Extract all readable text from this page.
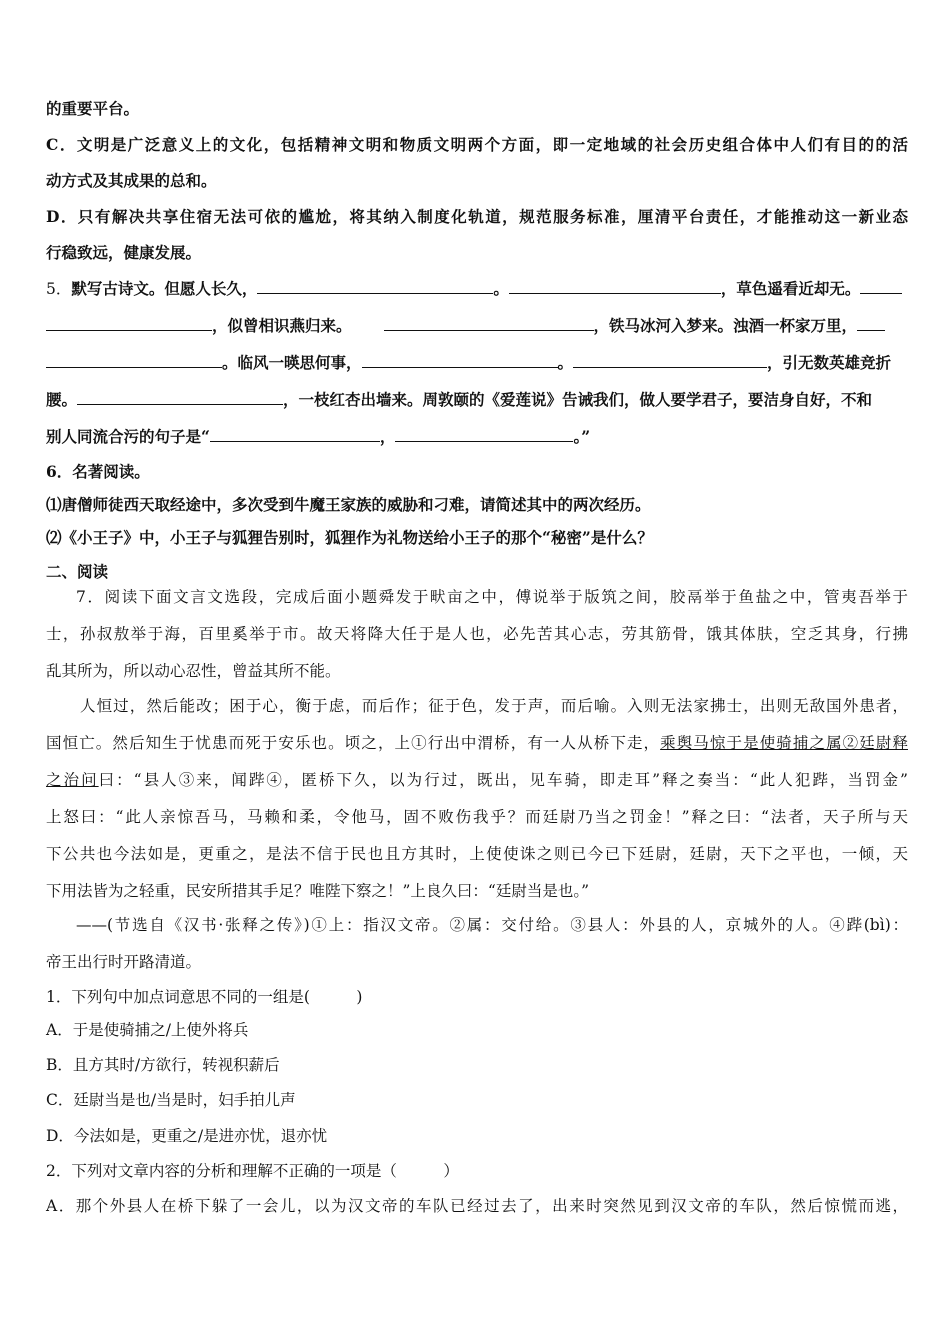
的重要平台。
C．文明是广泛意义上的文化，包括精神文明和物质文明两个方面，即一定地域的社会历史组合体中人们有目的的活
动方式及其成果的总和。
D．只有解决共享住宿无法可依的尴尬，将其纳入制度化轨道，规范服务标准，厘清平台责任，才能推动这一新业态
行稳致远，健康发展。
5．默写古诗文。但愿人长久，	。	，草色遥看近却无。
，似曾相识燕归来。	，铁马冰河入梦来。浊酒一杯家万里，
。临风一暎思何事，	。	，引无数英雄竞折
腰。	，一枝红杏出墙来。周敦颐的《爱莲说》告诫我们，做人要学君子，要洁身自好，不和
别人同流合污的句子是“	，	。”
6．名著阅读。
⑴唐僧师徒西天取经途中，多次受到牛魔王家族的威胁和刁难，请简述其中的两次经历。
⑵《小王子》中，小王子与狐狸告别时，狐狸作为礼物送给小王子的那个“秘密”是什么？
二、阅读
7．阅读下面文言文选段，完成后面小题舜发于畎亩之中，傅说举于版筑之间，胶鬲举于鱼盐之中，管夷吾举于
士，孙叔敖举于海，百里奚举于市。故天将降大任于是人也，必先苦其心志，劳其筋骨，饿其体肤，空乏其身，行拂
乱其所为，所以动心忍性，曾益其所不能。
人恒过，然后能改；困于心，衡于虑，而后作；征于色，发于声，而后喻。入则无法家拂士，出则无敌国外患者，
国恒亡。然后知生于忧患而死于安乐也。顷之，上①行出中渭桥，有一人从桥下走，乘舆马惊于是使骑捕之属②廷尉释
之治问曰：“县人③来，闻跸④，匿桥下久，以为行过，既出，见车骑，即走耳”释之奏当：“此人犯跸，当罚金”
上怒曰：“此人亲惊吾马，马赖和柔，令他马，固不败伤我乎？而廷尉乃当之罚金！”释之曰：“法者，天子所与天
下公共也今法如是，更重之，是法不信于民也且方其时，上使使诛之则已今已下廷尉，廷尉，天下之平也，一倾，天
下用法皆为之轻重，民安所措其手足？唯陛下察之！”上良久曰：“廷尉当是也。”
——(节选自《汉书·张释之传》)①上：指汉文帝。②属：交付给。③县人：外县的人，京城外的人。④跸(bì)：
帝王出行时开路清道。
1．下列句中加点词意思不同的一组是(　　　)
A．于是使骑捕之/上使外将兵
B．且方其时/方欲行，转视积薪后
C．廷尉当是也/当是时，妇手拍儿声
D．今法如是，更重之/是进亦忧，退亦忧
2．下列对文章内容的分析和理解不正确的一项是（　　　）
A．那个外县人在桥下躲了一会儿，以为汉文帝的车队已经过去了，出来时突然见到汉文帝的车队，然后惊慌而逃，
